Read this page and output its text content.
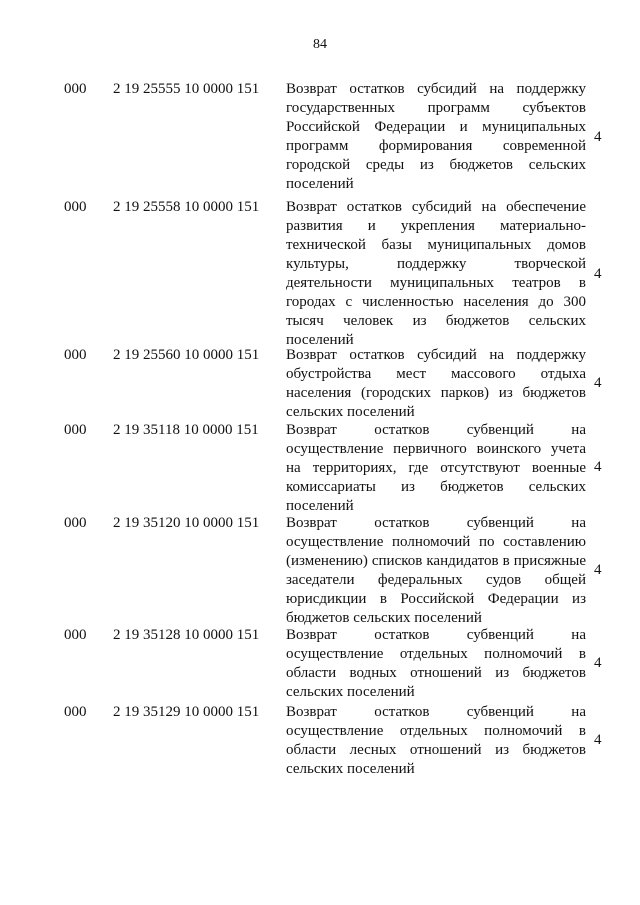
84
000 2 19 25555 10 0000 151 Возврат остатков субсидий на поддержку государственных программ субъектов Российской Федерации и муниципальных программ формирования современной городской среды из бюджетов сельских поселений
4
000 2 19 25558 10 0000 151 Возврат остатков субсидий на обеспечение развития и укрепления материально-технической базы муниципальных домов культуры, поддержку творческой деятельности муниципальных театров в городах с численностью населения до 300 тысяч человек из бюджетов сельских поселений
4
000 2 19 25560 10 0000 151 Возврат остатков субсидий на поддержку обустройства мест массового отдыха населения (городских парков) из бюджетов сельских поселений
4
000 2 19 35118 10 0000 151 Возврат остатков субвенций на осуществление первичного воинского учета на территориях, где отсутствуют военные комиссариаты из бюджетов сельских поселений
4
000 2 19 35120 10 0000 151 Возврат остатков субвенций на осуществление полномочий по составлению (изменению) списков кандидатов в присяжные заседатели федеральных судов общей юрисдикции в Российской Федерации из бюджетов сельских поселений
4
000 2 19 35128 10 0000 151 Возврат остатков субвенций на осуществление отдельных полномочий в области водных отношений из бюджетов сельских поселений
4
000 2 19 35129 10 0000 151 Возврат остатков субвенций на осуществление отдельных полномочий в области лесных отношений из бюджетов сельских поселений
4
